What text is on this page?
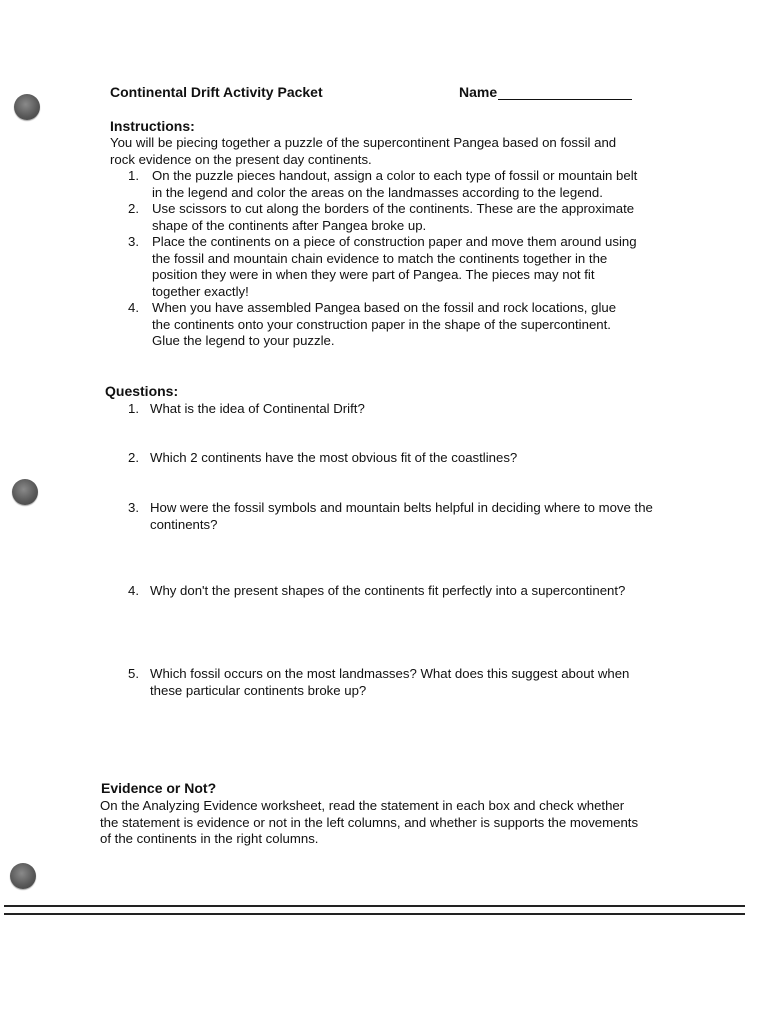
Continental Drift Activity Packet	Name
Instructions:
You will be piecing together a puzzle of the supercontinent Pangea based on fossil and rock evidence on the present day continents.
1. On the puzzle pieces handout, assign a color to each type of fossil or mountain belt in the legend and color the areas on the landmasses according to the legend.
2. Use scissors to cut along the borders of the continents. These are the approximate shape of the continents after Pangea broke up.
3. Place the continents on a piece of construction paper and move them around using the fossil and mountain chain evidence to match the continents together in the position they were in when they were part of Pangea. The pieces may not fit together exactly!
4. When you have assembled Pangea based on the fossil and rock locations, glue the continents onto your construction paper in the shape of the supercontinent. Glue the legend to your puzzle.
Questions:
1. What is the idea of Continental Drift?
2. Which 2 continents have the most obvious fit of the coastlines?
3. How were the fossil symbols and mountain belts helpful in deciding where to move the continents?
4. Why don't the present shapes of the continents fit perfectly into a supercontinent?
5. Which fossil occurs on the most landmasses? What does this suggest about when these particular continents broke up?
Evidence or Not?
On the Analyzing Evidence worksheet, read the statement in each box and check whether the statement is evidence or not in the left columns, and whether is supports the movements of the continents in the right columns.
